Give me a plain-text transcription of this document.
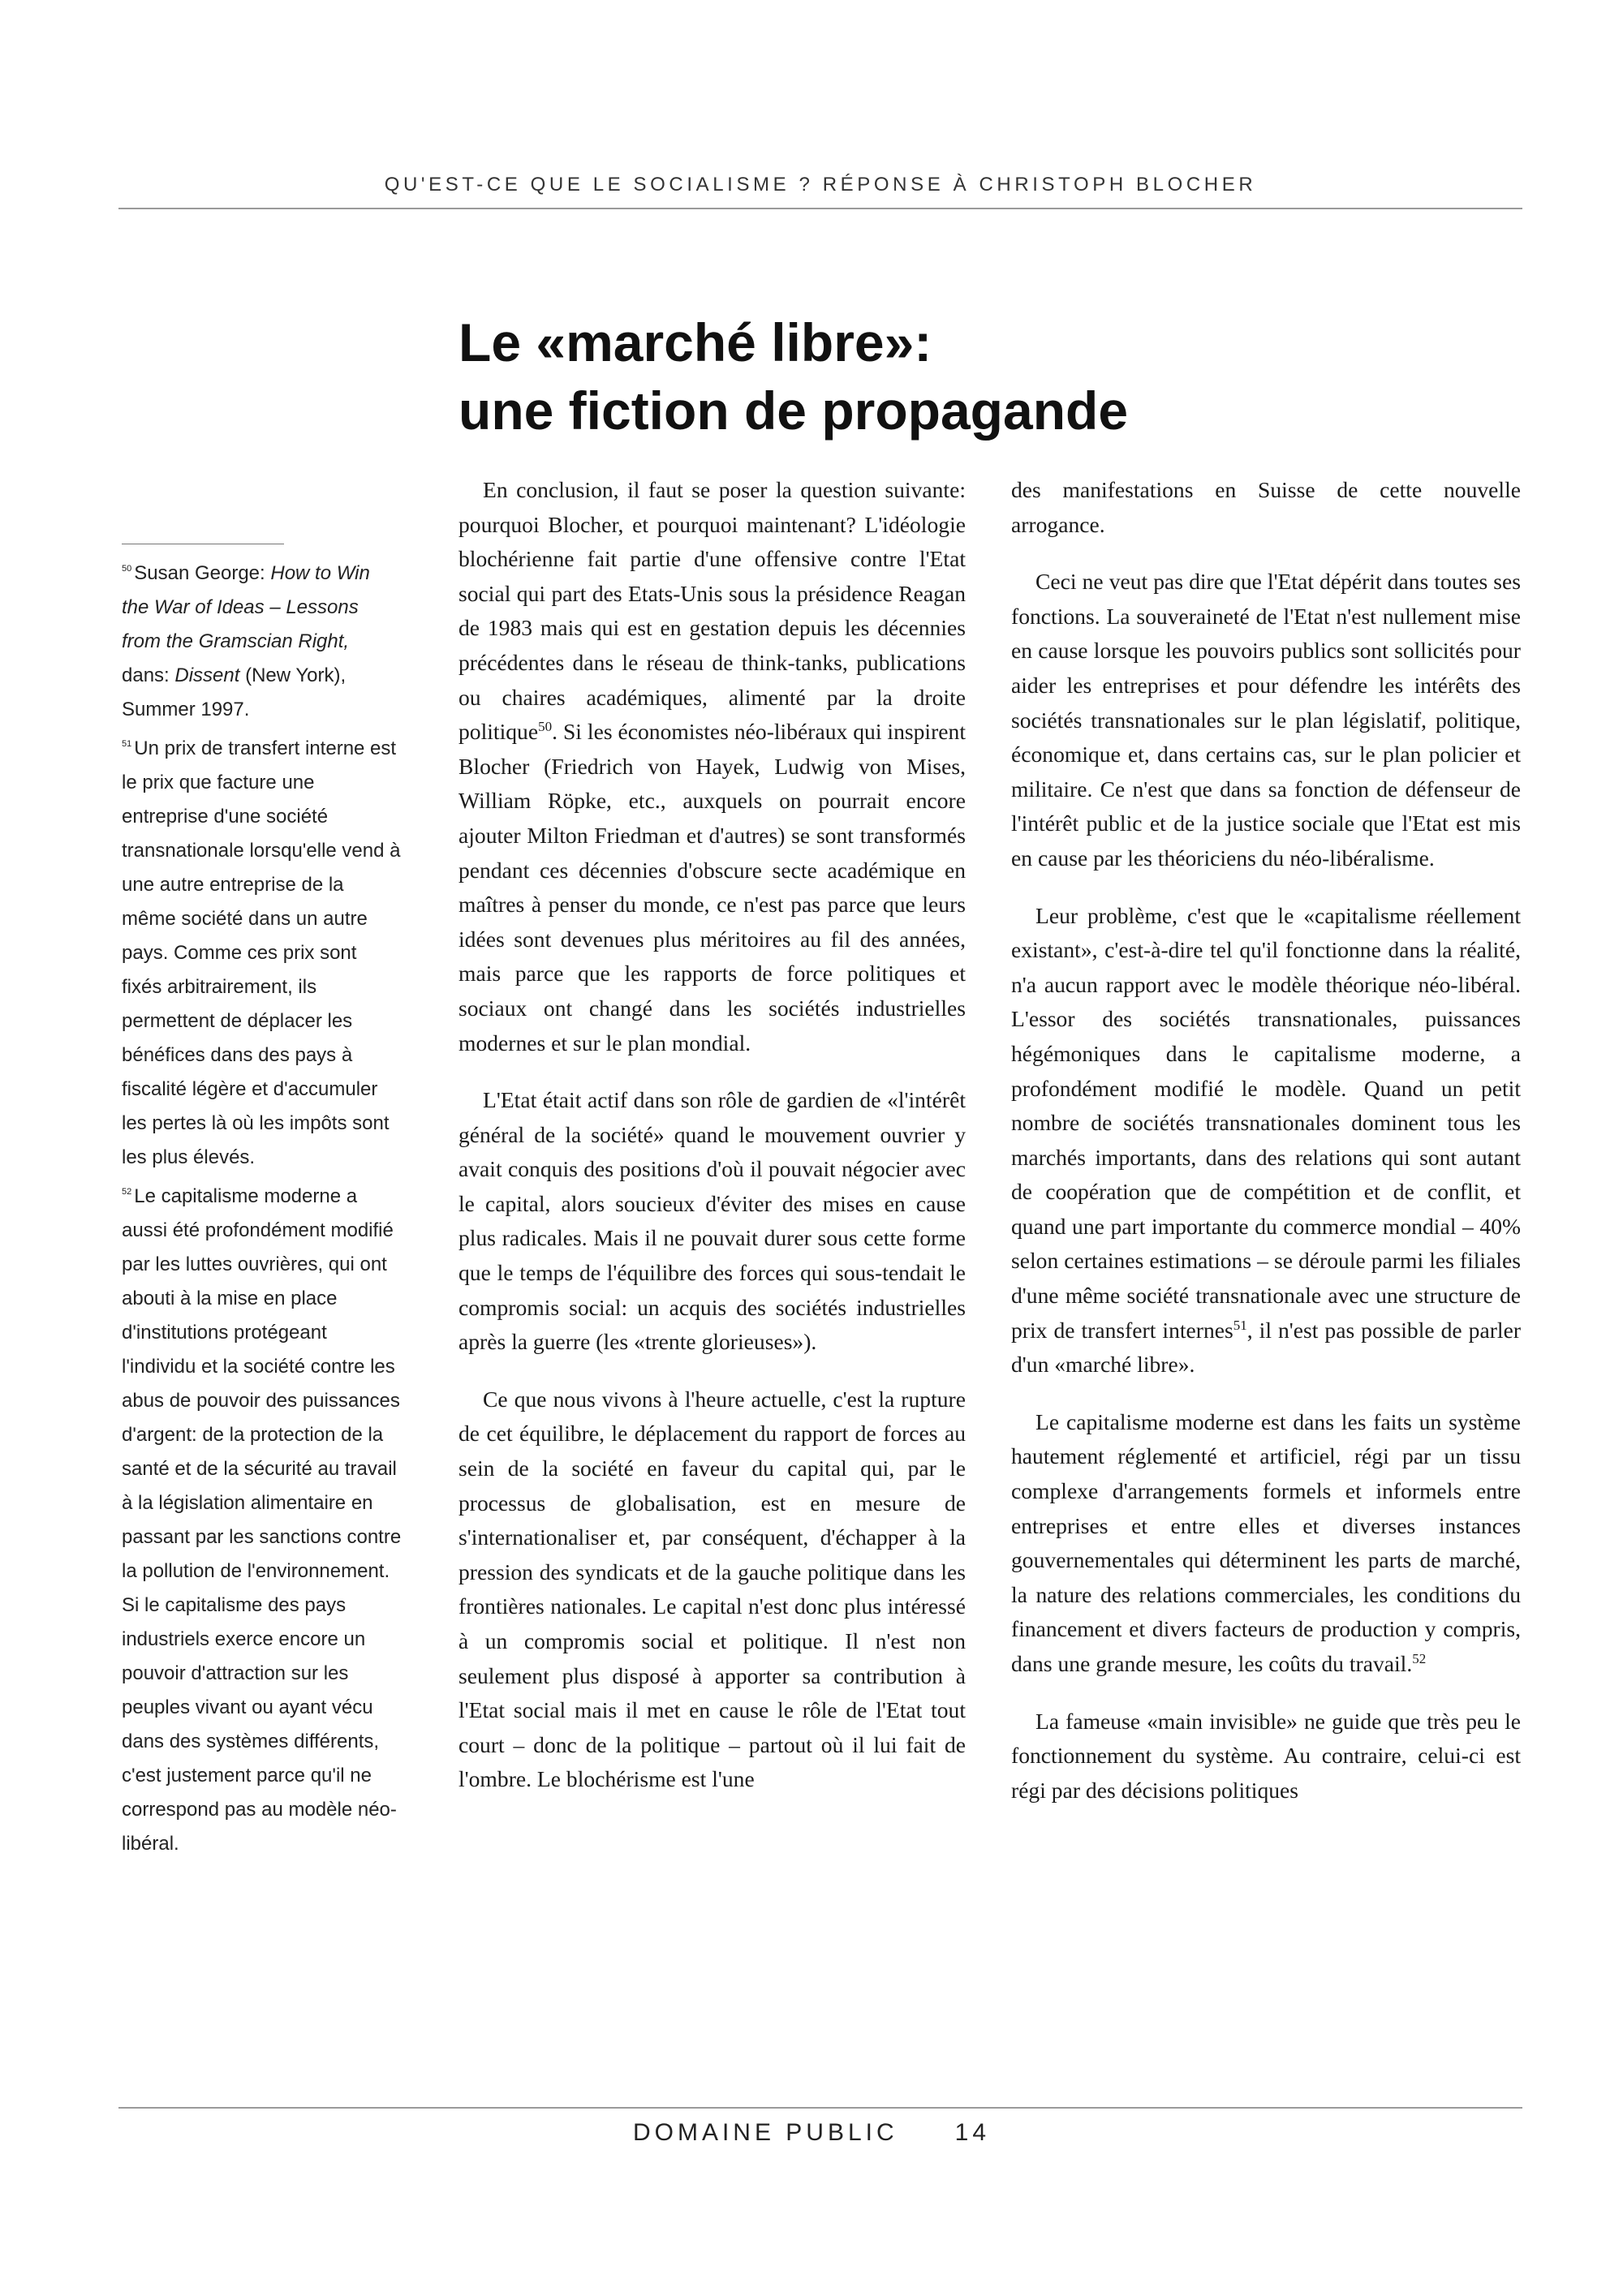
QU'EST-CE QUE LE SOCIALISME ? RÉPONSE À CHRISTOPH BLOCHER
Le «marché libre»:
une fiction de propagande

$^{50}$ Susan George: How to Win the War of Ideas – Lessons from the Gramscian Right, dans: Dissent (New York), Summer 1997.

$^{51}$ Un prix de transfert interne est le prix que facture une entreprise d'une société transnationale lorsqu'elle vend à une autre entreprise de la même société dans un autre pays. Comme ces prix sont fixés arbitrairement, ils permettent de déplacer les bénéfices dans des pays à fiscalité légère et d'accumuler les pertes là où les impôts sont les plus élevés.

$^{52}$ Le capitalisme moderne a aussi été profondément modifié par les luttes ouvrières, qui ont abouti à la mise en place d'institutions protégeant l'individu et la société contre les abus de pouvoir des puissances d'argent: de la protection de la santé et de la sécurité au travail à la législation alimentaire en passant par les sanctions contre la pollution de l'environnement. Si le capitalisme des pays industriels exerce encore un pouvoir d'attraction sur les peuples vivant ou ayant vécu dans des systèmes différents, c'est justement parce qu'il ne correspond pas au modèle néo-libéral.

En conclusion, il faut se poser la question suivante: pourquoi Blocher, et pourquoi maintenant? L'idéologie blochérienne fait partie d'une offensive contre l'Etat social qui part des Etats-Unis sous la présidence Reagan de 1983 mais qui est en gestation depuis les décennies précédentes dans le réseau de think-tanks, publications ou chaires académiques, alimenté par la droite politique$^{50}$. Si les économistes néo-libéraux qui inspirent Blocher (Friedrich von Hayek, Ludwig von Mises, William Röpke, etc., auxquels on pourrait encore ajouter Milton Friedman et d'autres) se sont transformés pendant ces décennies d'obscure secte académique en maîtres à penser du monde, ce n'est pas parce que leurs idées sont devenues plus méritoires au fil des années, mais parce que les rapports de force politiques et sociaux ont changé dans les sociétés industrielles modernes et sur le plan mondial.

L'Etat était actif dans son rôle de gardien de «l'intérêt général de la société» quand le mouvement ouvrier y avait conquis des positions d'où il pouvait négocier avec le capital, alors soucieux d'éviter des mises en cause plus radicales. Mais il ne pouvait durer sous cette forme que le temps de l'équilibre des forces qui sous-tendait le compromis social: un acquis des sociétés industrielles après la guerre (les «trente glorieuses»).

Ce que nous vivons à l'heure actuelle, c'est la rupture de cet équilibre, le déplacement du rapport de forces au sein de la société en faveur du capital qui, par le processus de globalisation, est en mesure de s'internationaliser et, par conséquent, d'échapper à la pression des syndicats et de la gauche politique dans les frontières nationales. Le capital n'est donc plus intéressé à un compromis social et politique. Il n'est non seulement plus disposé à apporter sa contribution à l'Etat social mais il met en cause le rôle de l'Etat tout court – donc de la politique – partout où il lui fait de l'ombre. Le blochérisme est l'une

des manifestations en Suisse de cette nouvelle arrogance.

Ceci ne veut pas dire que l'Etat dépérit dans toutes ses fonctions. La souveraineté de l'Etat n'est nullement mise en cause lorsque les pouvoirs publics sont sollicités pour aider les entreprises et pour défendre les intérêts des sociétés transnationales sur le plan législatif, politique, économique et, dans certains cas, sur le plan policier et militaire. Ce n'est que dans sa fonction de défenseur de l'intérêt public et de la justice sociale que l'Etat est mis en cause par les théoriciens du néo-libéralisme.

Leur problème, c'est que le «capitalisme réellement existant», c'est-à-dire tel qu'il fonctionne dans la réalité, n'a aucun rapport avec le modèle théorique néo-libéral. L'essor des sociétés transnationales, puissances hégémoniques dans le capitalisme moderne, a profondément modifié le modèle. Quand un petit nombre de sociétés transnationales dominent tous les marchés importants, dans des relations qui sont autant de coopération que de compétition et de conflit, et quand une part importante du commerce mondial – 40% selon certaines estimations – se déroule parmi les filiales d'une même société transnationale avec une structure de prix de transfert internes$^{51}$, il n'est pas possible de parler d'un «marché libre».

Le capitalisme moderne est dans les faits un système hautement réglementé et artificiel, régi par un tissu complexe d'arrangements formels et informels entre entreprises et entre elles et diverses instances gouvernementales qui déterminent les parts de marché, la nature des relations commerciales, les conditions du financement et divers facteurs de production y compris, dans une grande mesure, les coûts du travail.$^{52}$

La fameuse «main invisible» ne guide que très peu le fonctionnement du système. Au contraire, celui-ci est régi par des décisions politiques

DOMAINE PUBLIC 14
